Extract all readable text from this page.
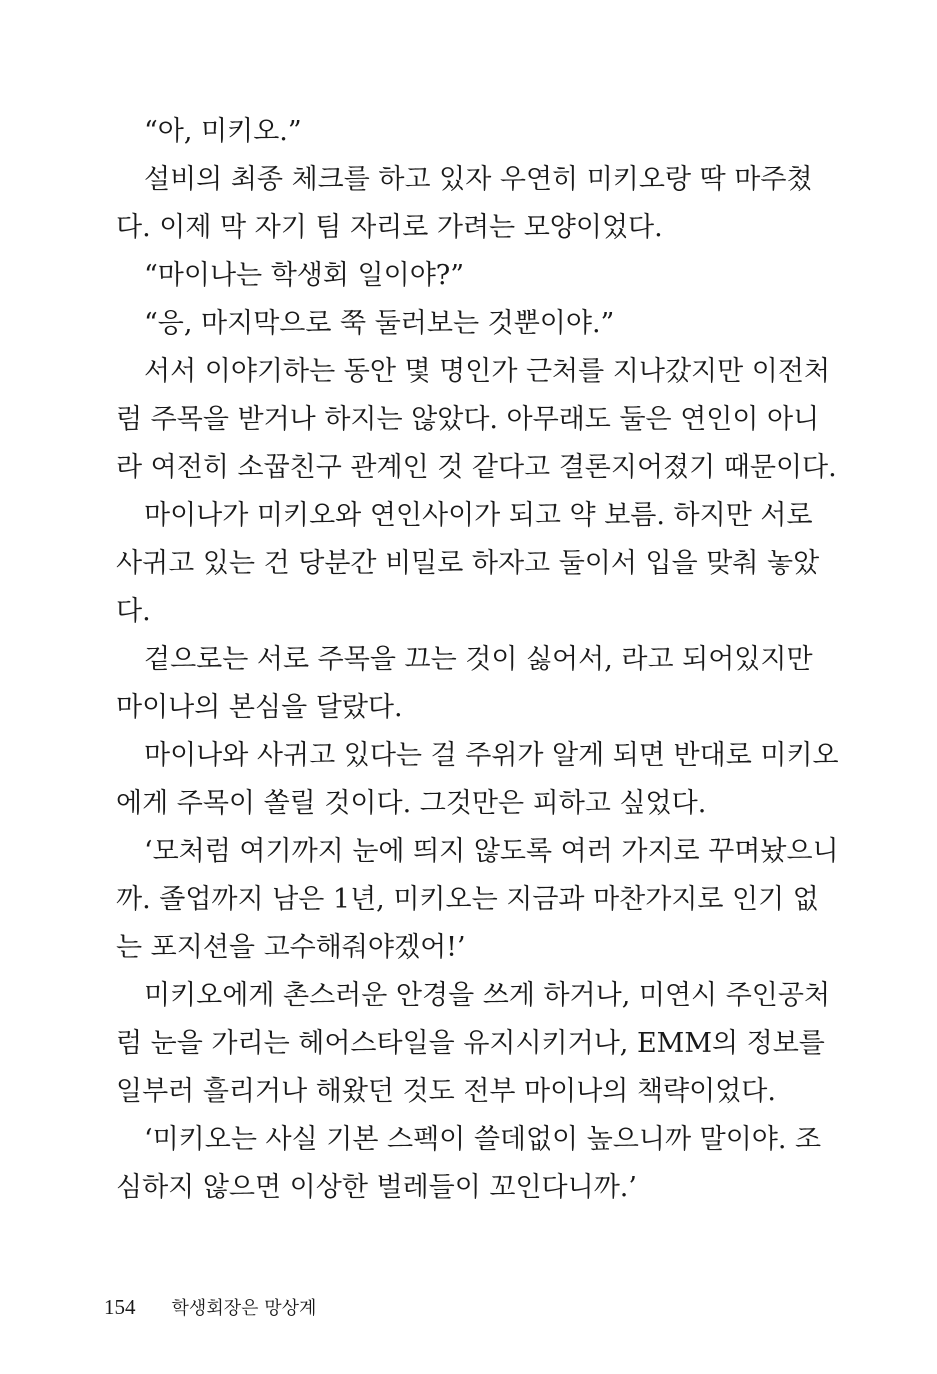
“아, 미키오.”
설비의 최종 체크를 하고 있자 우연히 미키오랑 딱 마주쳤
다. 이제 막 자기 팀 자리로 가려는 모양이었다.
“마이나는 학생회 일이야?”
“응, 마지막으로 쭉 둘러보는 것뿐이야.”
서서 이야기하는 동안 몇 명인가 근처를 지나갔지만 이전처
럼 주목을 받거나 하지는 않았다. 아무래도 둘은 연인이 아니
라 여전히 소꿉친구 관계인 것 같다고 결론지어졌기 때문이다.
마이나가 미키오와 연인사이가 되고 약 보름. 하지만 서로
사귀고 있는 건 당분간 비밀로 하자고 둘이서 입을 맞춰 놓았
다.
겉으로는 서로 주목을 끄는 것이 싫어서, 라고 되어있지만
마이나의 본심을 달랐다.
마이나와 사귀고 있다는 걸 주위가 알게 되면 반대로 미키오
에게 주목이 쏠릴 것이다. 그것만은 피하고 싶었다.
‘모처럼 여기까지 눈에 띄지 않도록 여러 가지로 꾸며놨으니
까. 졸업까지 남은 1년, 미키오는 지금과 마찬가지로 인기 없
는 포지션을 고수해줘야겠어!’
미키오에게 촌스러운 안경을 쓰게 하거나, 미연시 주인공처
럼 눈을 가리는 헤어스타일을 유지시키거나, EMM의 정보를
일부러 흘리거나 해왔던 것도 전부 마이나의 책략이었다.
‘미키오는 사실 기본 스펙이 쓸데없이 높으니까 말이야. 조
심하지 않으면 이상한 벌레들이 꼬인다니까.’
154 학생회장은 망상계
